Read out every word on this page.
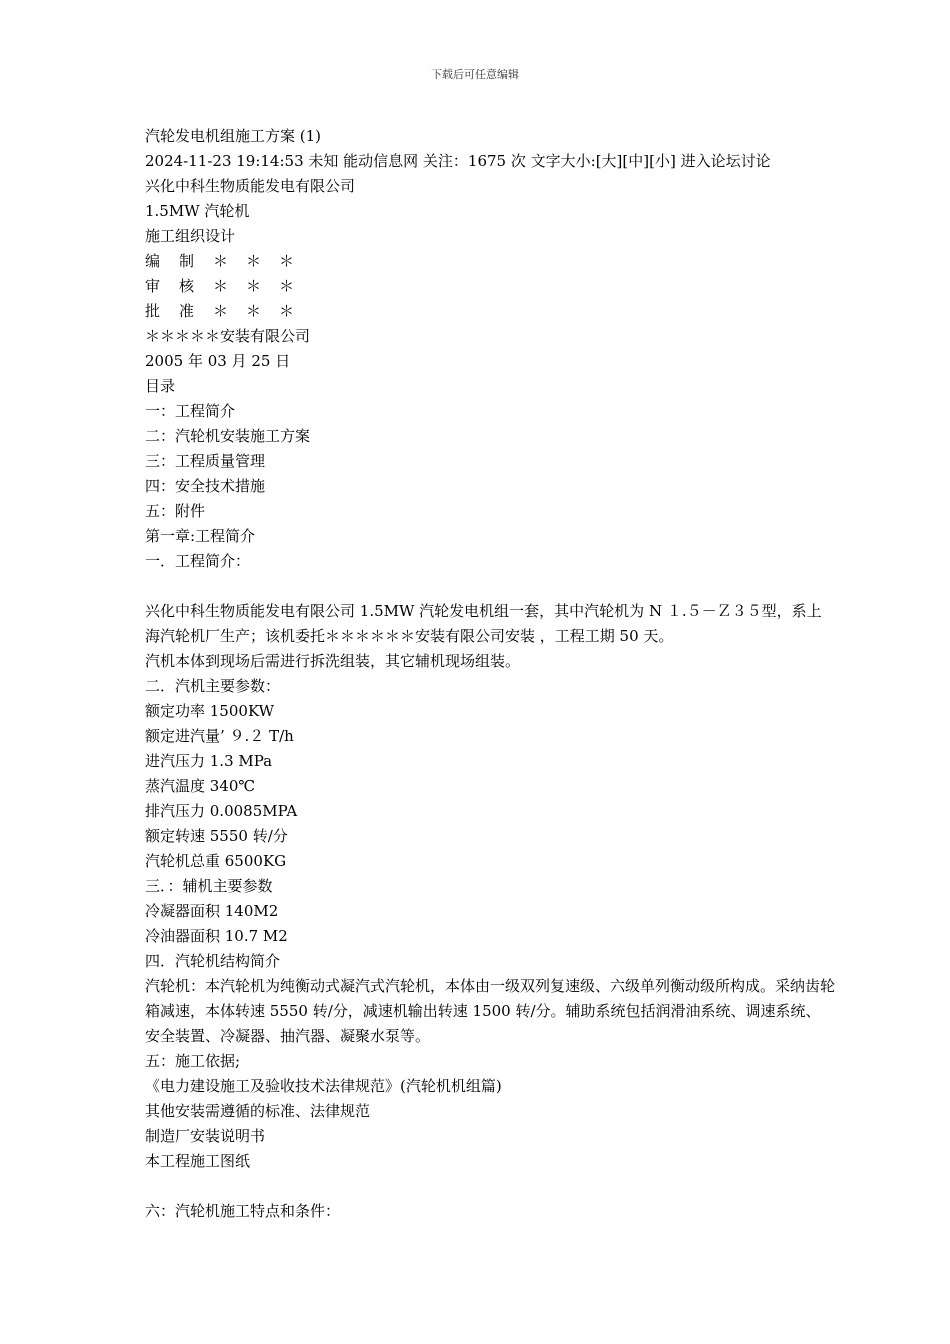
下载后可任意编辑
汽轮发电机组施工方案 (1)
2024-11-23 19:14:53 未知 能动信息网 关注：1675 次 文字大小:[大][中][小] 进入论坛讨论
兴化中科生物质能发电有限公司
1.5MW 汽轮机
施工组织设计
编 制 ＊ ＊ ＊
审 核 ＊ ＊ ＊
批 准 ＊ ＊ ＊
＊＊＊＊＊安装有限公司
2005 年 03 月 25 日
目录
一：工程简介
二：汽轮机安装施工方案
三：工程质量管理
四：安全技术措施
五：附件
第一章:工程简介
一．工程简介：
兴化中科生物质能发电有限公司 1.5MW 汽轮发电机组一套，其中汽轮机为 N １.５－Ｚ３５型，系上海汽轮机厂生产；该机委托＊＊＊＊＊＊安装有限公司安装 ，工程工期 50 天。
汽机本体到现场后需进行拆洗组装，其它辅机现场组装。
二．汽机主要参数：
额定功率 1500KW
额定进汽量’ ９.２ T/h
进汽压力 1.3 MPa
蒸汽温度 340℃
排汽压力 0.0085MPA
额定转速 5550 转/分
汽轮机总重 6500KG
三．：辅机主要参数
冷凝器面积 140M2
冷油器面积 10.7 M2
四．汽轮机结构简介
汽轮机：本汽轮机为纯衡动式凝汽式汽轮机，本体由一级双列复速级、六级单列衡动级所构成。采纳齿轮箱减速，本体转速 5550 转/分，减速机输出转速 1500 转/分。辅助系统包括润滑油系统、调速系统、安全装置、冷凝器、抽汽器、凝聚水泵等。
五：施工依据;
《电力建设施工及验收技术法律规范》(汽轮机机组篇)
其他安装需遵循的标准、法律规范
制造厂安装说明书
本工程施工图纸
六：汽轮机施工特点和条件：
